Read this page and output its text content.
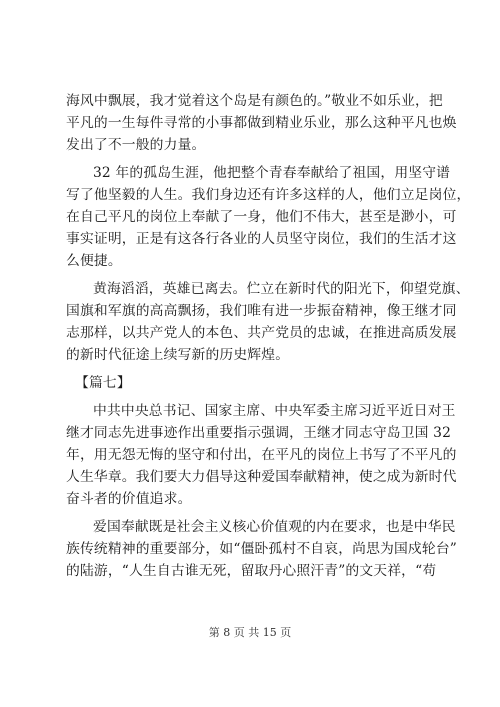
海风中飘展，我才觉着这个岛是有颜色的。”敬业不如乐业，把
平凡的一生每件寻常的小事都做到精业乐业，那么这种平凡也焕
发出了不一般的力量。
32 年的孤岛生涯，他把整个青春奉献给了祖国，用坚守谱
写了他坚毅的人生。我们身边还有许多这样的人，他们立足岗位，
在自己平凡的岗位上奉献了一身，他们不伟大，甚至是渺小，可
事实证明，正是有这各行各业的人员坚守岗位，我们的生活才这
么便捷。
黄海滔滔，英雄已离去。伫立在新时代的阳光下，仰望党旗、
国旗和军旗的高高飘扬，我们唯有进一步振奋精神，像王继才同
志那样，以共产党人的本色、共产党员的忠诚，在推进高质发展
的新时代征途上续写新的历史辉煌。
【篇七】
中共中央总书记、国家主席、中央军委主席习近平近日对王
继才同志先进事迹作出重要指示强调，王继才同志守岛卫国 32
年，用无怨无悔的坚守和付出，在平凡的岗位上书写了不平凡的
人生华章。我们要大力倡导这种爱国奉献精神，使之成为新时代
奋斗者的价值追求。
爱国奉献既是社会主义核心价值观的内在要求，也是中华民
族传统精神的重要部分，如“僵卧孤村不自哀，尚思为国戍轮台”
的陆游，“人生自古谁无死，留取丹心照汗青”的文天祥，“苟
第 8 页 共 15 页
